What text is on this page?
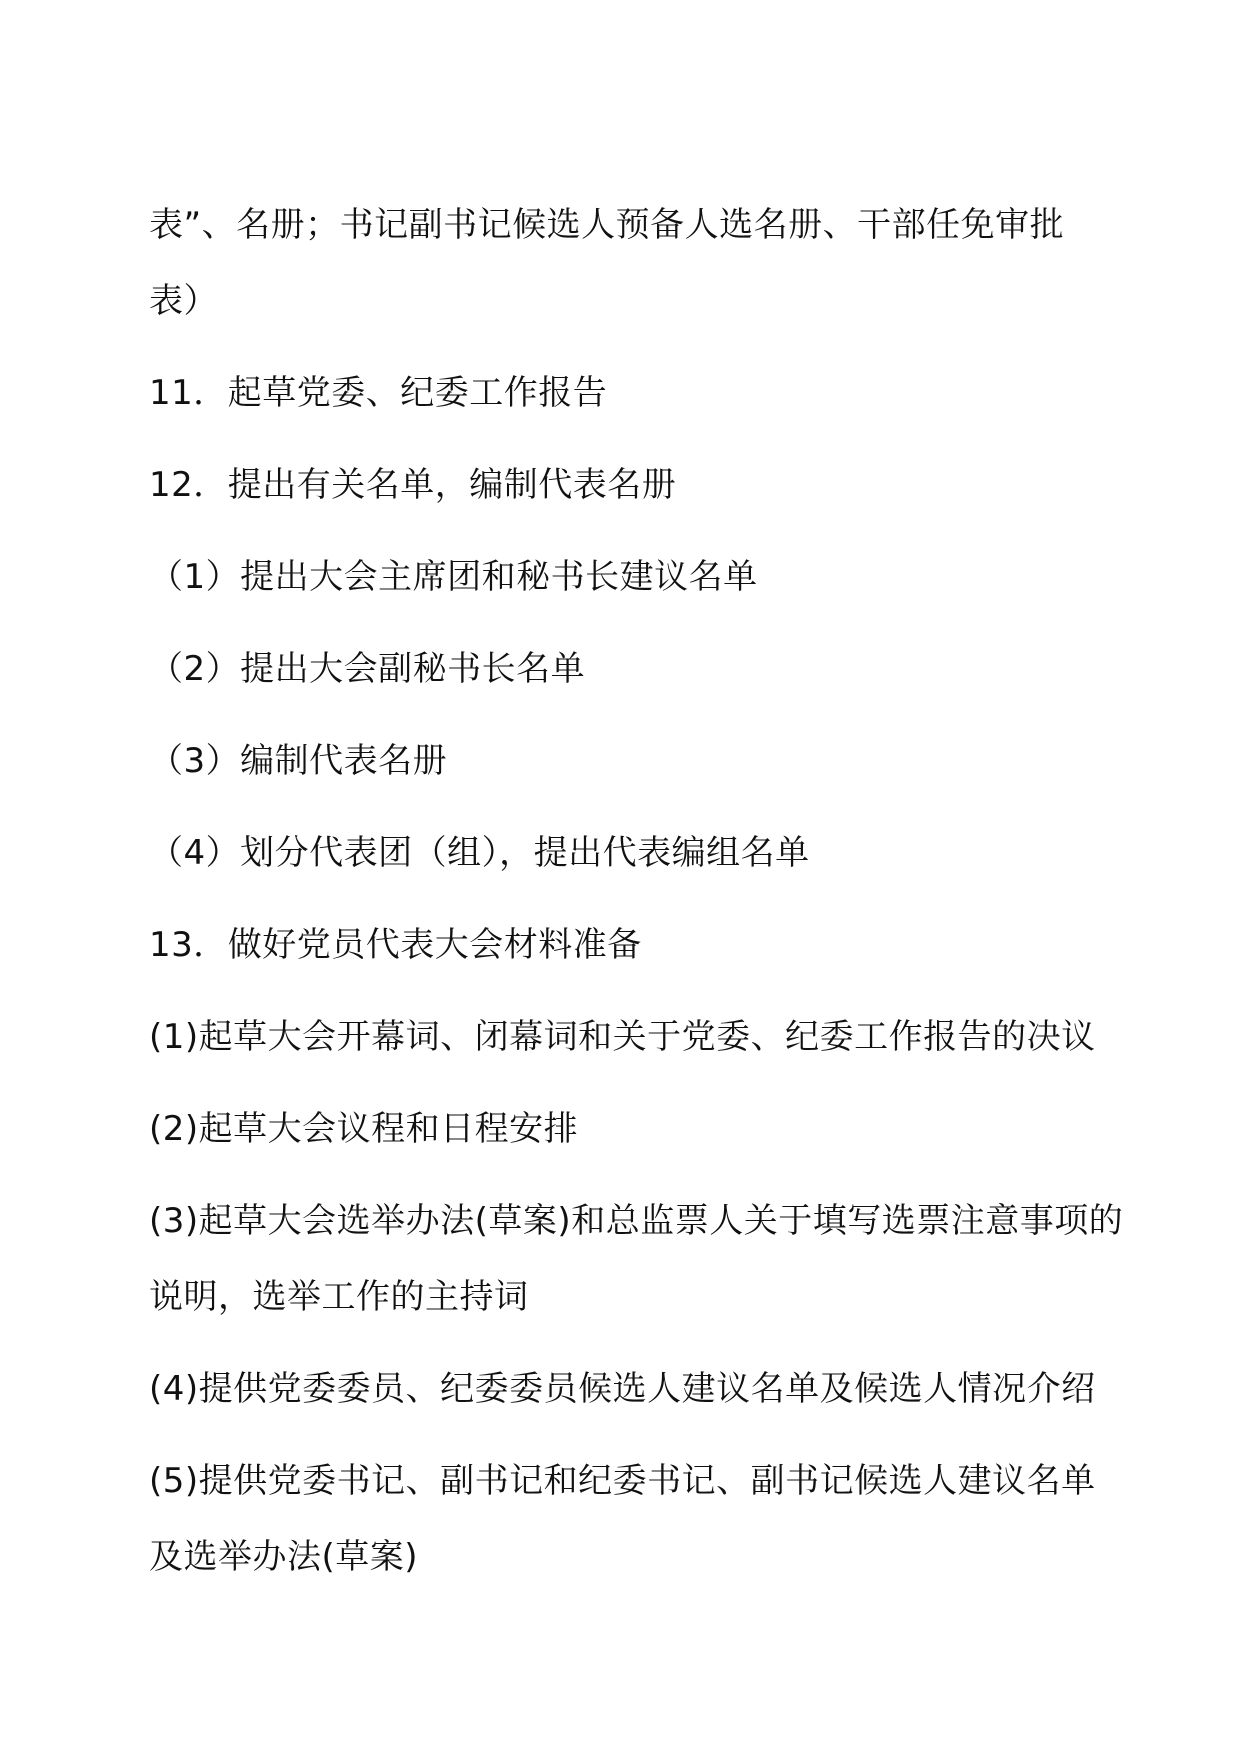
表”、名册；书记副书记候选人预备人选名册、干部任免审批
表）
11．起草党委、纪委工作报告
12．提出有关名单，编制代表名册
（1）提出大会主席团和秘书长建议名单
（2）提出大会副秘书长名单
（3）编制代表名册
（4）划分代表团（组），提出代表编组名单
13．做好党员代表大会材料准备
(1)起草大会开幕词、闭幕词和关于党委、纪委工作报告的决议
(2)起草大会议程和日程安排
(3)起草大会选举办法(草案)和总监票人关于填写选票注意事项的
说明，选举工作的主持词
(4)提供党委委员、纪委委员候选人建议名单及候选人情况介绍
(5)提供党委书记、副书记和纪委书记、副书记候选人建议名单
及选举办法(草案)
